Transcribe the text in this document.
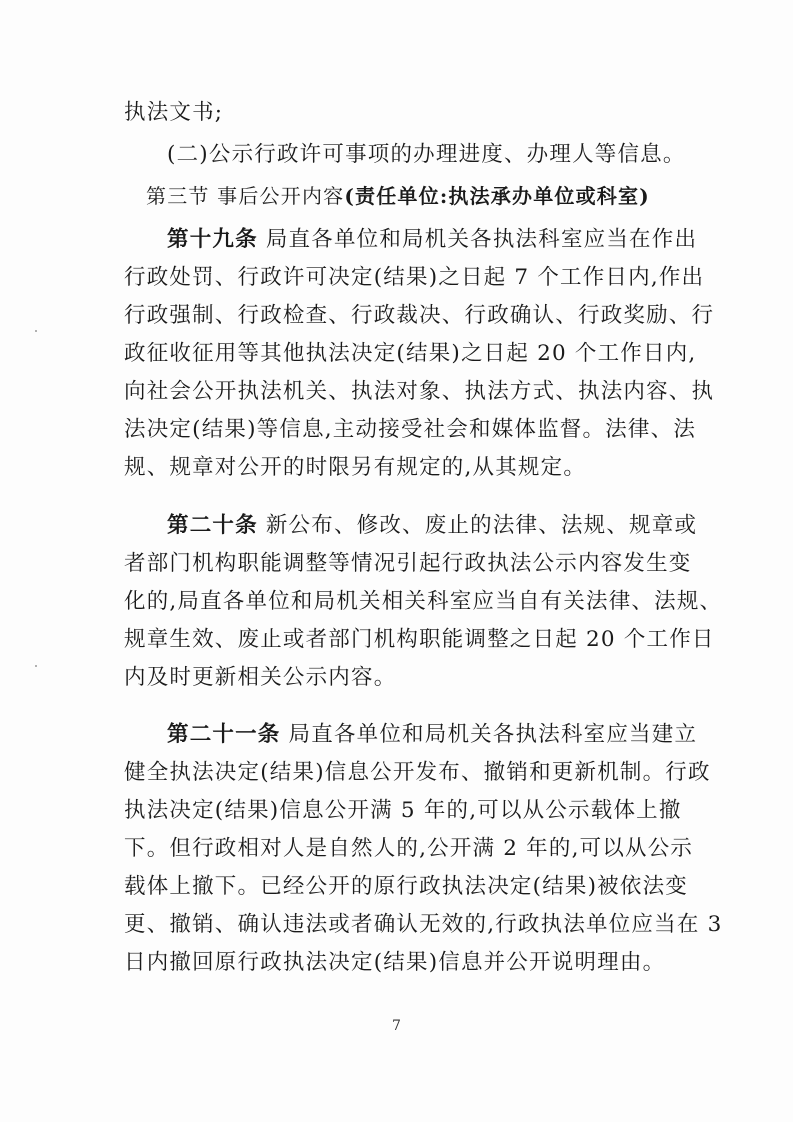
执法文书;
(二)公示行政许可事项的办理进度、办理人等信息。
第三节 事后公开内容(责任单位:执法承办单位或科室)
第十九条 局直各单位和局机关各执法科室应当在作出
行政处罚、行政许可决定(结果)之日起 7 个工作日内,作出
行政强制、行政检查、行政裁决、行政确认、行政奖励、行
政征收征用等其他执法决定(结果)之日起 20 个工作日内,
向社会公开执法机关、执法对象、执法方式、执法内容、执
法决定(结果)等信息,主动接受社会和媒体监督。法律、法
规、规章对公开的时限另有规定的,从其规定。
第二十条 新公布、修改、废止的法律、法规、规章或
者部门机构职能调整等情况引起行政执法公示内容发生变
化的,局直各单位和局机关相关科室应当自有关法律、法规、
规章生效、废止或者部门机构职能调整之日起 20 个工作日
内及时更新相关公示内容。
第二十一条 局直各单位和局机关各执法科室应当建立
健全执法决定(结果)信息公开发布、撤销和更新机制。行政
执法决定(结果)信息公开满 5 年的,可以从公示载体上撤
下。但行政相对人是自然人的,公开满 2 年的,可以从公示
载体上撤下。已经公开的原行政执法决定(结果)被依法变
更、撤销、确认违法或者确认无效的,行政执法单位应当在 3
日内撤回原行政执法决定(结果)信息并公开说明理由。
7
